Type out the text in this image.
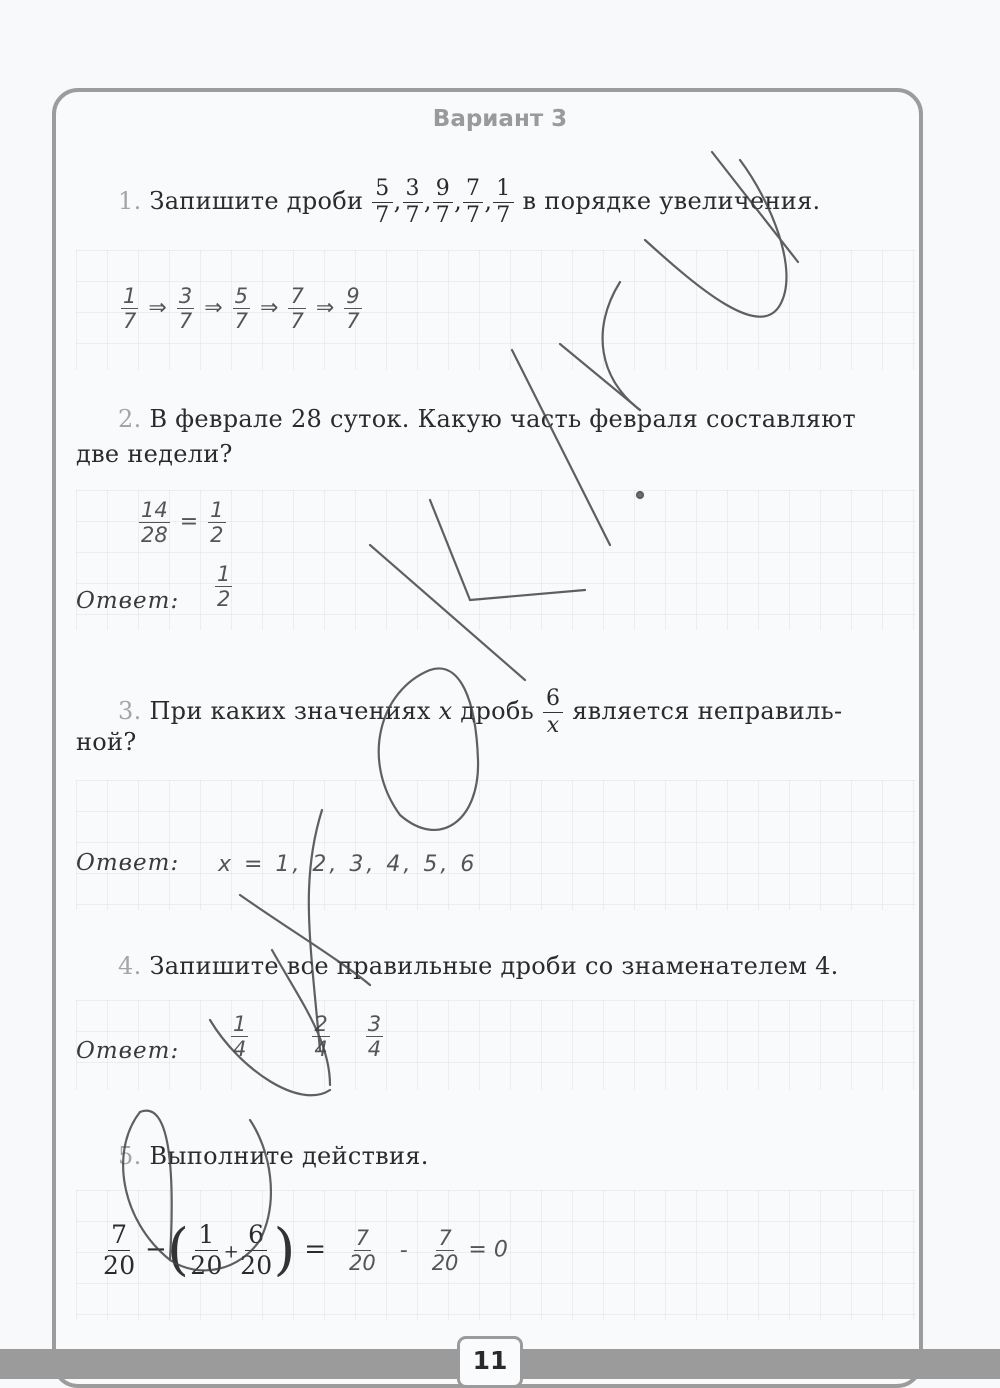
Вариант 3
1. Запишите дроби $\frac{5}{7}$ , $\frac{3}{7}$ , $\frac{9}{7}$ , $\frac{7}{7}$ , $\frac{1}{7}$ в порядке увеличения.
$\frac{1}{7}$ ⇒ $\frac{3}{7}$ ⇒ $\frac{5}{7}$ ⇒ $\frac{7}{7}$ ⇒ $\frac{9}{7}$
2. В феврале 28 суток. Какую часть февраля составляют
две недели?
$\frac{14}{28} = \frac{1}{2}$
Ответ: $\frac{1}{2}$
3. При каких значениях x дробь $\frac{6}{x}$ является неправиль-
ной?
Ответ: x = 1, 2, 3, 4, 5, 6
4. Запишите все правильные дроби со знаменателем 4.
Ответ: $\frac{1}{4}$
	$\frac{2}{4}$
$\frac{3}{4}$
5. Выполните действия.
$\frac{7}{20}$ −( $\frac{1}{20} + \frac{6}{20}$ ) = $\frac{7}{20} - \frac{7}{20} = 0$
11
